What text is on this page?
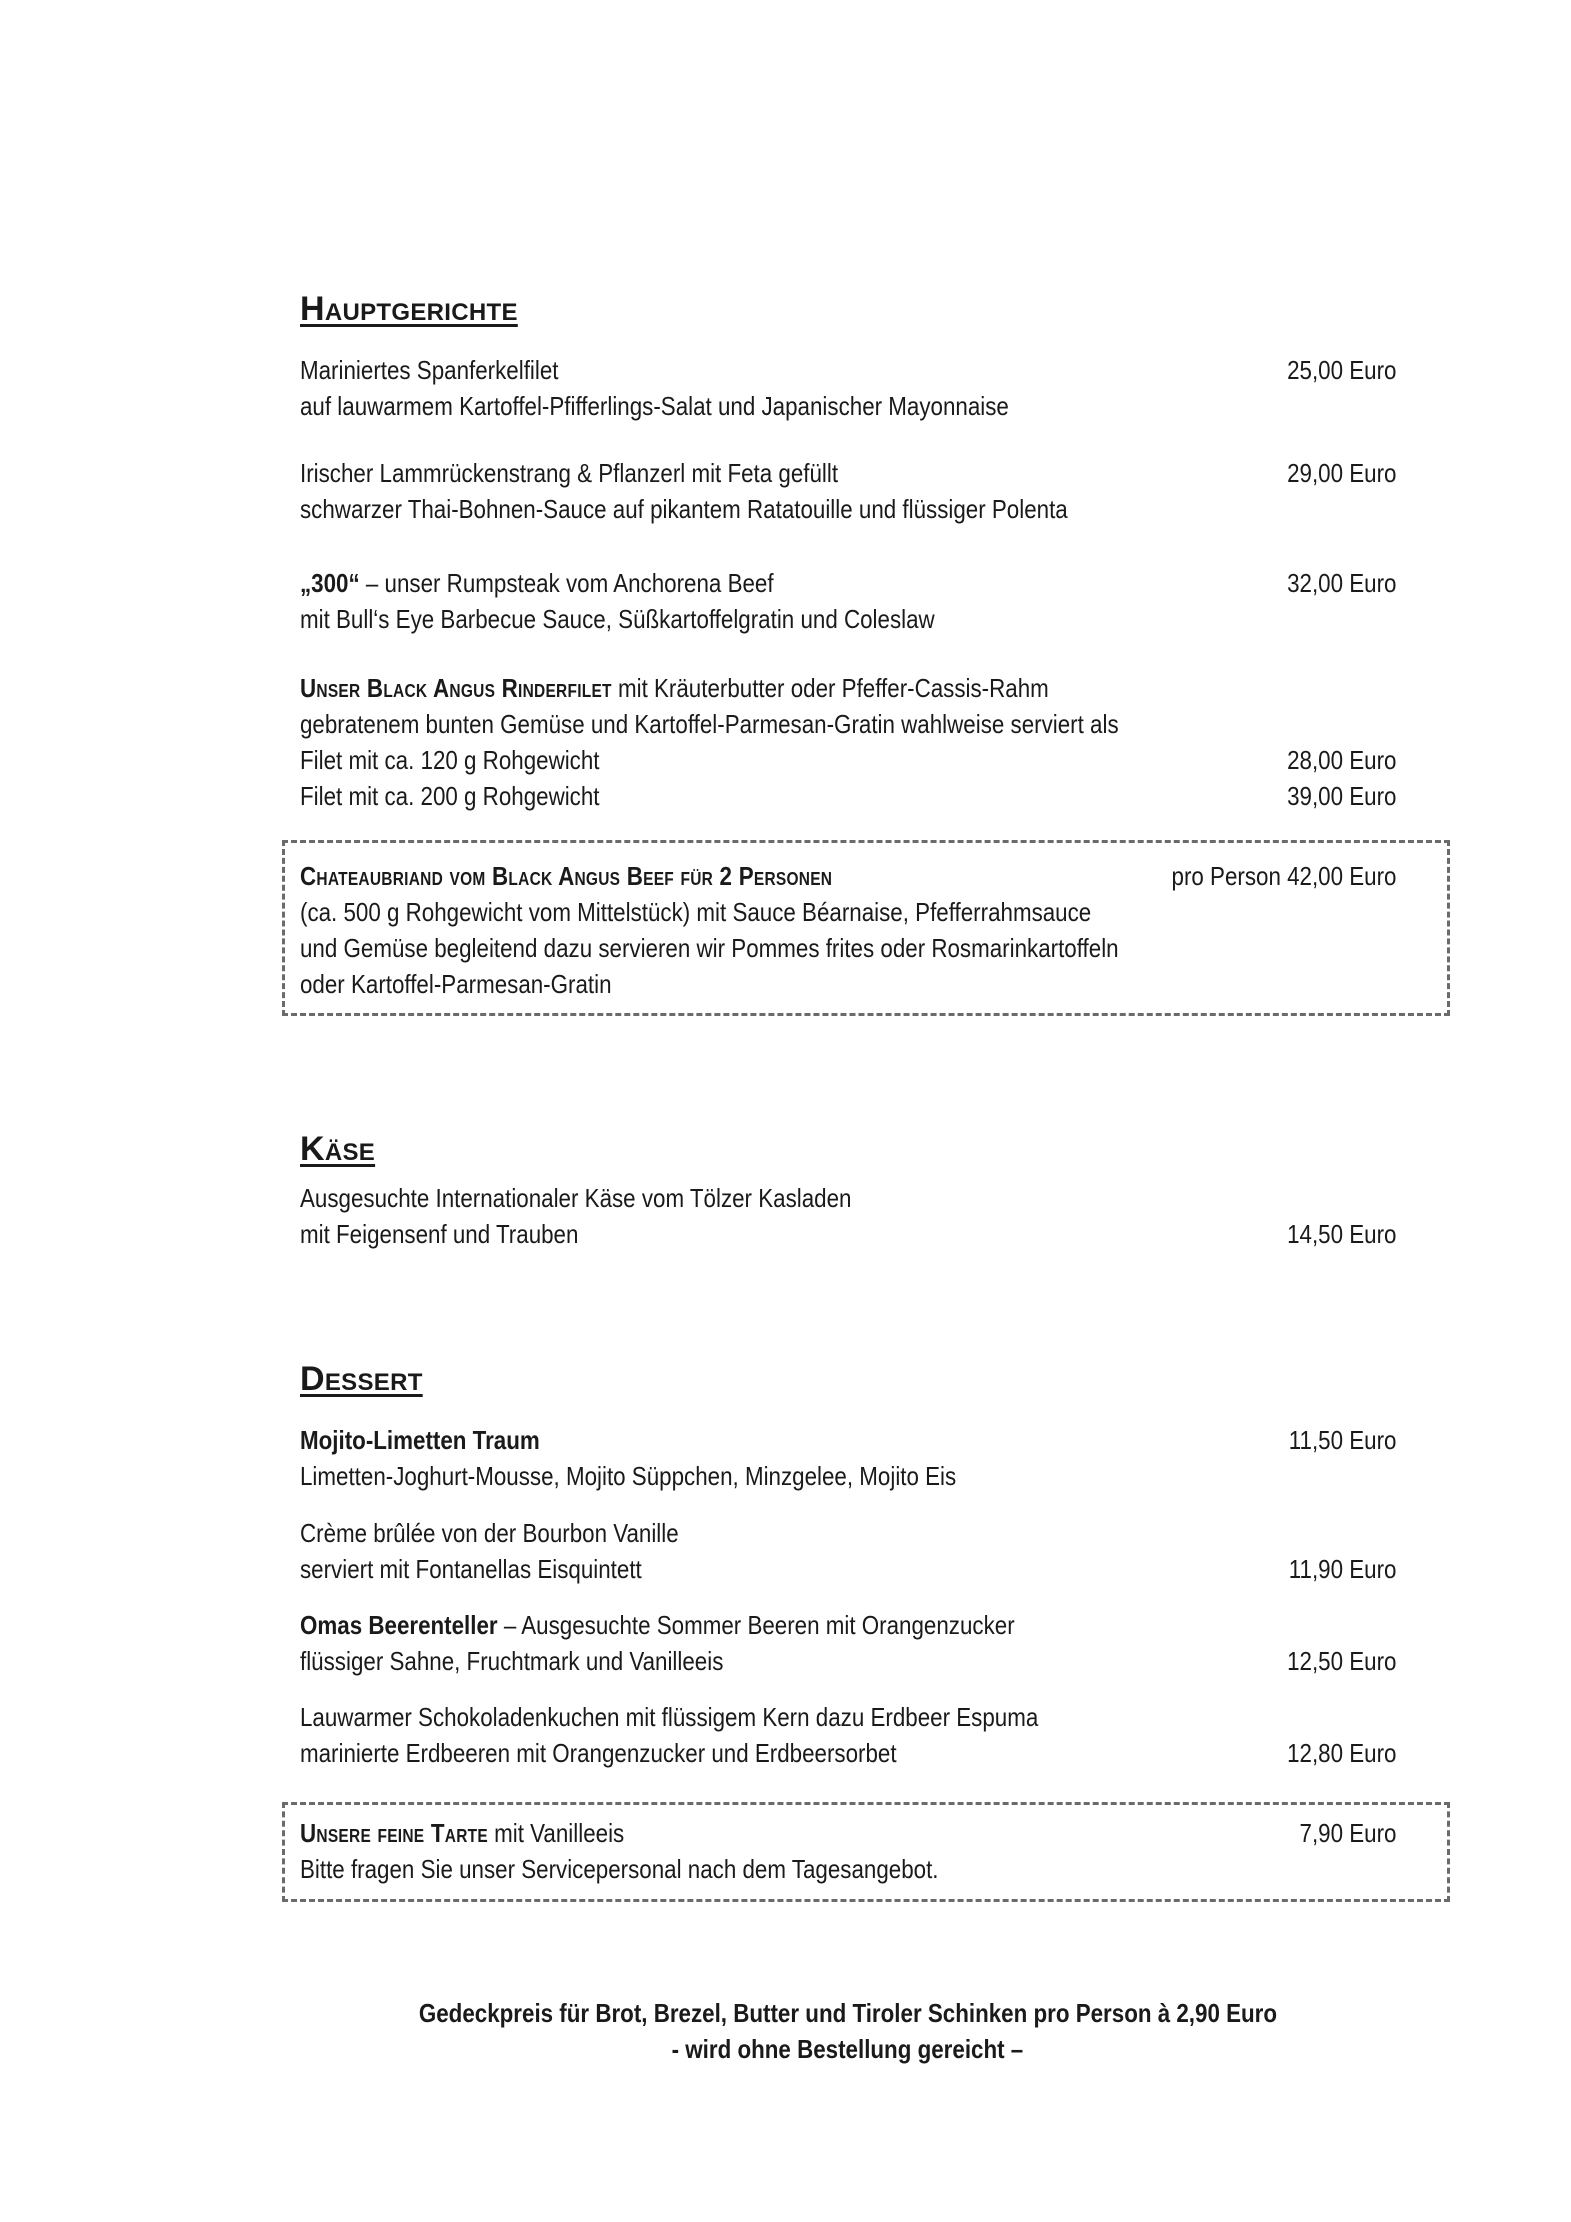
Hauptgerichte
Mariniertes Spanferkelfilet	25,00 Euro
auf lauwarmem Kartoffel-Pfifferlings-Salat und Japanischer Mayonnaise
Irischer Lammrückenstrang & Pflanzerl mit Feta gefüllt	29,00 Euro
schwarzer Thai-Bohnen-Sauce auf pikantem Ratatouille und flüssiger Polenta
„300“ – unser Rumpsteak vom Anchorena Beef	32,00 Euro
mit Bull‘s Eye Barbecue Sauce, Süßkartoffelgratin und Coleslaw
Unser Black Angus Rinderfilet mit Kräuterbutter oder Pfeffer-Cassis-Rahm
gebratenem bunten Gemüse und Kartoffel-Parmesan-Gratin wahlweise serviert als
Filet mit ca. 120 g Rohgewicht	28,00 Euro
Filet mit ca. 200 g Rohgewicht	39,00 Euro
Chateaubriand vom Black Angus Beef für 2 Personen	pro Person 42,00 Euro
(ca. 500 g Rohgewicht vom Mittelstück) mit Sauce Béarnaise, Pfefferrahmsauce
und Gemüse begleitend dazu servieren wir Pommes frites oder Rosmarinkartoffeln
oder Kartoffel-Parmesan-Gratin
Käse
Ausgesuchte Internationaler Käse vom Tölzer Kasladen
mit Feigensenf und Trauben	14,50 Euro
Dessert
Mojito-Limetten Traum	11,50 Euro
Limetten-Joghurt-Mousse, Mojito Süppchen, Minzgelee, Mojito Eis
Crème brûlée von der Bourbon Vanille
serviert mit Fontanellas Eisquintett	11,90 Euro
Omas Beerenteller – Ausgesuchte Sommer Beeren mit Orangenzucker
flüssiger Sahne, Fruchtmark und Vanilleeis	12,50 Euro
Lauwarmer Schokoladenkuchen mit flüssigem Kern dazu Erdbeer Espuma
marinierte Erdbeeren mit Orangenzucker und Erdbeersorbet	12,80 Euro
Unsere feine Tarte mit Vanilleeis	7,90 Euro
Bitte fragen Sie unser Servicepersonal nach dem Tagesangebot.
Gedeckpreis für Brot, Brezel, Butter und Tiroler Schinken pro Person à 2,90 Euro
- wird ohne Bestellung gereicht –
